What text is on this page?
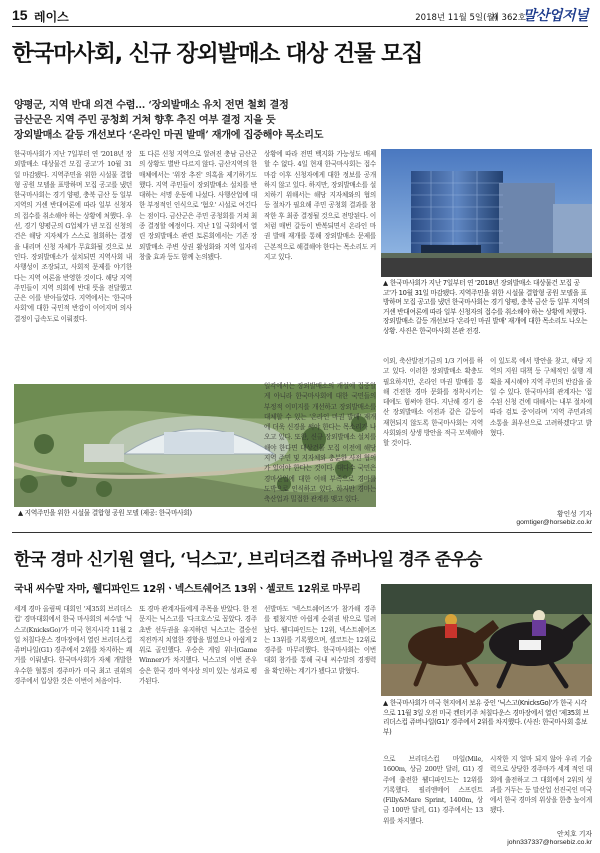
15 레이스	2018년 11월 5일(월)
제 362호
말산업저널
한국마사회, 신규 장외발매소 대상 건물 모집
양평군, 지역 반대 의견 수렴… ‘장외발매소 유치 전면 철회 결정
금산군은 지역 주민 공청회 거쳐 향후 추진 여부 결정 지을 듯
장외발매소 갈등 개선보다 ‘온라인 마권 발매’ 재개에 집중해야 목소리도
한국마사회가 지난 7일부터 연 '2018년 장외발매소 대상물건 모집 공고'가 10월 31일 마감됐다. 지역주민을 위한 시설물 결합형 공원 모델을 표방하며 모집 공고를 냈던 한국마사회는 경기 양평, 충북 금산 등 일부 지역의 거센 반대여론에 따라 일부 신청자의 접수를 취소해야 하는 상황에 처했다. 우선, 경기 양평군의 G업체가 낸 모집 신청의 건은 해당 지자체가 스스로 철회하는 결정을 내리며 신청 자체가 무효화될 것으로 보인다. 장외발매소가 설치되면 지역사회 내 사행성이 조장되고, 사회적 문제를 야기한다는 지역 여론을 반영한 것이다. 해당 지역 주민들이 지역 의회에 반대 뜻을 전달했고 군은 이를 받아들였다. 지역에서는 '한국마사회'에 대한 국민적 반감이 이어지며 의사결정이 급속도로 이뤄졌다.
또 다른 신청 지역으로 알려진 충남 금산군의 상황도 별반 다르지 않다. 금산지역의 한 매체에서는 '위장 추진' 의혹을 제기하기도 했다. 지역 주민들이 장외발매소 설치를 반대하는 서명 운동에 나섰다. 사행산업에 대한 부정적인 인식으로 '혐오' 시설로 여긴다는 점이다. 금산군은 주민 공청회를 거쳐 최종 결정할 예정이다. 지난 1일 국회에서 열린 장외발매소 관련 토론회에서는 기존 장외발매소 주변 상권 활성화와 지역 일자리 창출 효과 등도 함께 논의됐다.
상황에 따라 전면 백지화 가능성도 배제할 수 없다. 4일 현재 한국마사회는 접수 마감 이후 신청자에게 대한 정보를 공개하지 않고 있다. 하지만, 장외발매소를 설치하기 위해서는 해당 지자체와의 협의 등 절차가 필요해 주민 공청회 결과를 참작한 후 최종 결정될 것으로 전망된다. 이처럼 매번 갈등이 반복되면서 온라인 마권 발매 재개를 통해 장외발매소 문제를 근본적으로 해결해야 한다는 목소리도 커지고 있다.
▲ 한국마사회가 지난 7일부터 연 '2018년 장외발매소 대상물건 모집 공고'가 10월 31일 마감됐다. 지역주민을 위한 시설물 결합형 공원 모델을 표방하며 모집 공고를 냈던 한국마사회는 경기 양평, 충북 금산 등 일부 지역의 거센 반대여론에 따라 일부 신청자의 접수를 취소해야 하는 상황에 처했다. 장외발매소 갈등 개선보다 '온라인 마권 발매' 재개에 대한 목소리도 나오는 상황. 사진은 한국마사회 본관 전경.
▲ 지역주민을 위한 시설물 결합형 공원 모델 (제공: 한국마사회)
일각에서는 장외발매소의 개설에 집중할 게 아니라 한국마사회에 대한 국민들의 부정적 이미지를 개선하고 장외발매소를 대체할 수 있는 '온라인 마권 발매' 재개에 더욱 신경을 써야 한다는 목소리가 나오고 있다. 또한, 신규 장외발매소 설치를 해야 한다면 대상건물 모집 이전에 해당 지역 주민 및 지자체와 충분한 사전 협의가 있어야 한다는 것이다. 대다수 국민은 경마산업에 대한 이해 부족으로 경마를 도박으로 인식하고 있다. 하지만 경마는 축산업과 밀접한 관계를 맺고 있다.
이외, 축산발전기금의 1/3 기여를 하고 있다. 이러한 장외발매소 확충도 필요하지만, 온라인 마권 발매를 통해 건전한 경마 문화를 정착시키는 데에도 힘써야 한다. 지난해 경기 용산 장외발매소 이전과 같은 갈등이 재현되지 않도록 한국마사회는 지역 사회와의 상생 방안을 적극 모색해야 할 것이다.
이 있도록 에서 방안을 찾고, 해당 지역의 지원 대책 등 구체적인 실행 계획을 제시해야 지역 주민의 반감을 줄일 수 있다. 한국마사회 관계자는 '접수된 신청 건에 대해서는 내부 절차에 따라 검토 중'이라며 '지역 주민과의 소통을 최우선으로 고려하겠다'고 밝혔다.
황인성 기자
gomtiger@horsebiz.co.kr
한국 경마 신기원 열다, ‘닉스고’, 브리더즈컵 쥬버나일 경주 준우승
국내 씨수말 자마, 웰디파인드 12위ㆍ넥스트쉐어즈 13위ㆍ셀코트 12위로 마무리
세계 경마 올림픽 대회인 '제35회 브리더스컵' 경마대회에서 한국 마사회의 씨수말 '닉스고(KnicksGo)'가 미국 현지시각 11월 2일 처칠다운스 경마장에서 열린 브리더스컵 쥬버나일(G1) 경주에서 2위를 차지하는 쾌거를 이뤄냈다. 한국마사회가 자체 개발한 우수한 혈통의 경주마가 미국 최고 권위의 경주에서 입상한 것은 이번이 처음이다.
또 경마 관계자들에게 주목을 받았다. 한 전문지는 닉스고를 '다크호스'로 꼽았다. 경주 초반 선두권을 유지하던 닉스고는 결승선 직전까지 치열한 경합을 벌였으나 아쉽게 2위로 골인했다. 우승은 게임 위너(Game Winner)가 차지했다. 닉스고의 이번 준우승은 한국 경마 역사상 의미 있는 성과로 평가된다.
선발마도 '넥스트쉐어즈'가 참가해 경주를 펼쳤지만 아쉽게 순위권 밖으로 밀려났다. 웰디파인드는 12위, 넥스트쉐어즈는 13위를 기록했으며, 셀코트는 12위로 경주를 마무리했다. 한국마사회는 이번 대회 참가를 통해 국내 씨수말의 경쟁력을 확인하는 계기가 됐다고 밝혔다.
▲ 한국마사회가 미국 현지에서 보유 중인 '닉스고(KnicksGo)'가 한국 시각으로 11월 3일 오전 미국 켄터키주 처칠다운스 경마장에서 열린 '제35회 브리더스컵 쥬버나일(G1)' 경주에서 2위를 차지했다. (사진: 한국마사회 홍보부)
으로 브리더스컵 마일(Mile, 1600m, 상금 200만 달러, G1) 경주에 출전한 웰디파인드는 12위를 기록했다. 필리앤메어 스프린트(Filly&Mare Sprint, 1400m, 상금 100만 달러, G1) 경주에서는 13위를 차지했다.
시작한 지 얼마 되지 않아 우리 기술력으로 상당한 경주마가 세계 적인 대회에 출전하고 그 대회에서 2위의 성과를 거두는 등 말산업 선진국인 미국에서 한국 경마의 위상을 한층 높이게 됐다.
안치호 기자
john337337@horsebiz.co.kr
